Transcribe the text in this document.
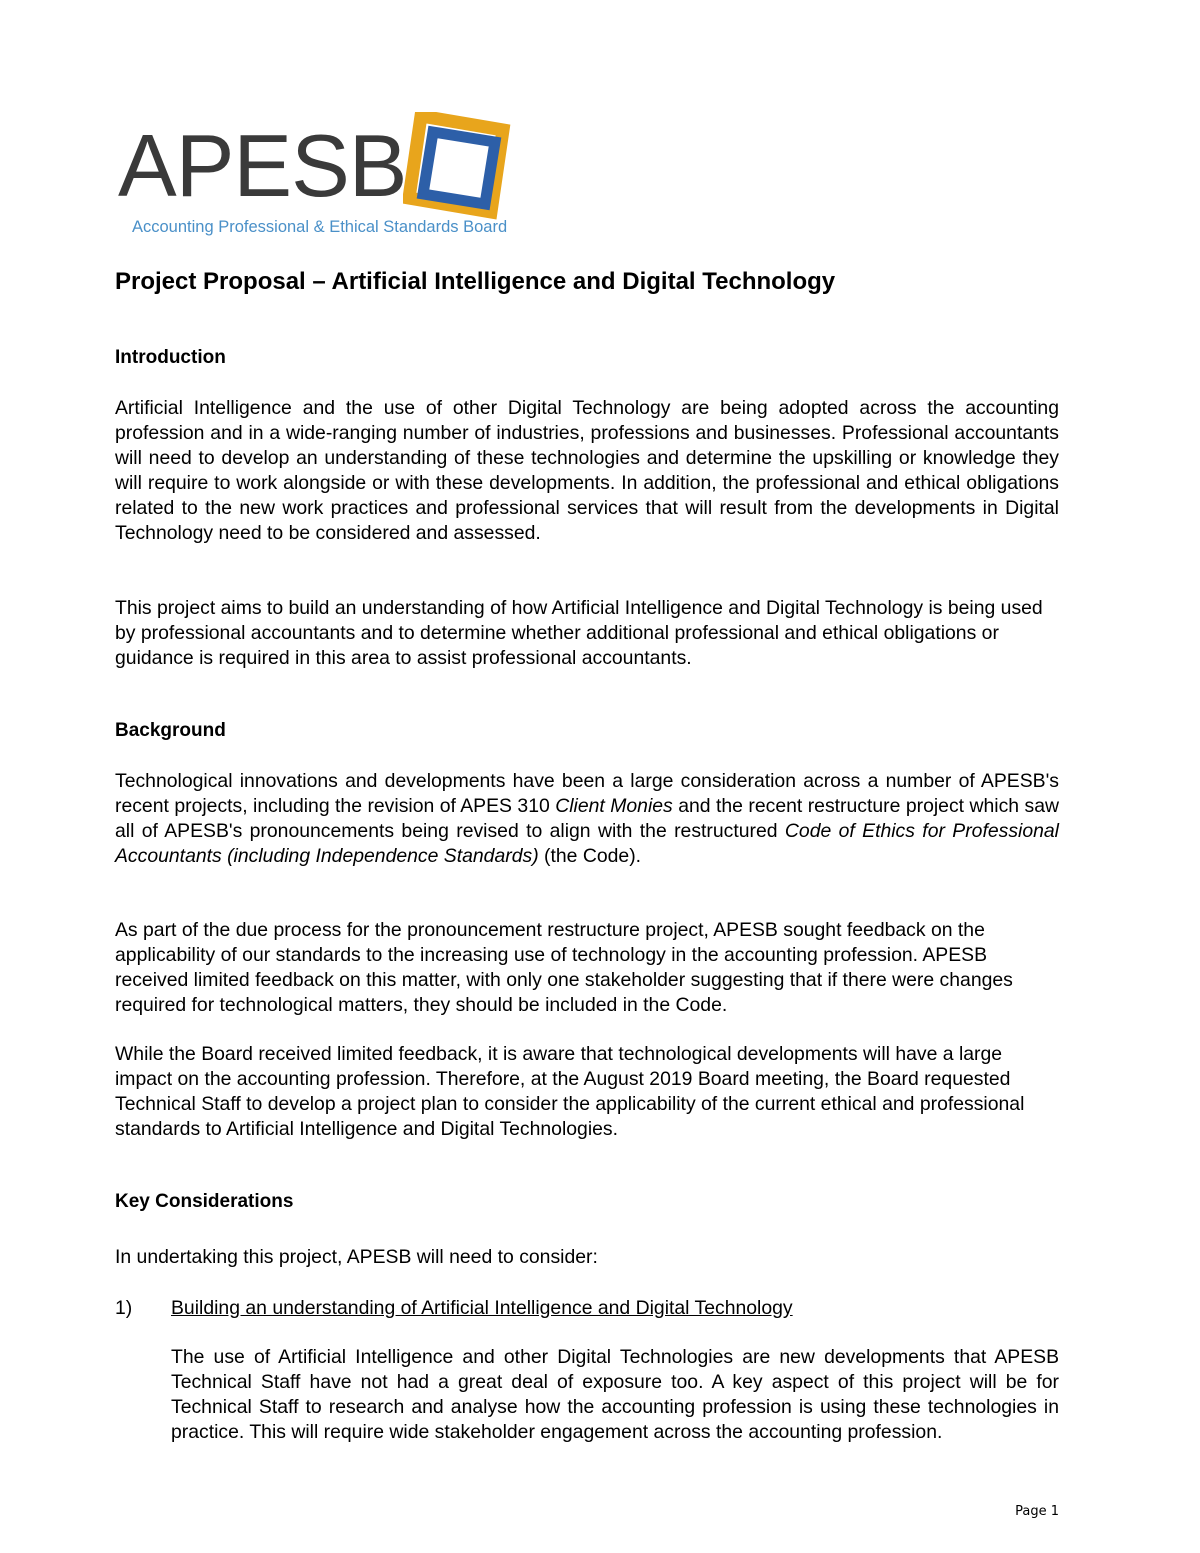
APESB
Accounting Professional & Ethical Standards Board
Project Proposal – Artificial Intelligence and Digital Technology
Introduction

Artificial Intelligence and the use of other Digital Technology are being adopted across the accounting profession and in a wide-ranging number of industries, professions and businesses. Professional accountants will need to develop an understanding of these technologies and determine the upskilling or knowledge they will require to work alongside or with these developments. In addition, the professional and ethical obligations related to the new work practices and professional services that will result from the developments in Digital Technology need to be considered and assessed.

This project aims to build an understanding of how Artificial Intelligence and Digital Technology is being used by professional accountants and to determine whether additional professional and ethical obligations or guidance is required in this area to assist professional accountants.

Background

Technological innovations and developments have been a large consideration across a number of APESB's recent projects, including the revision of APES 310 Client Monies and the recent restructure project which saw all of APESB's pronouncements being revised to align with the restructured Code of Ethics for Professional Accountants (including Independence Standards) (the Code).

As part of the due process for the pronouncement restructure project, APESB sought feedback on the applicability of our standards to the increasing use of technology in the accounting profession. APESB received limited feedback on this matter, with only one stakeholder suggesting that if there were changes required for technological matters, they should be included in the Code.

While the Board received limited feedback, it is aware that technological developments will have a large impact on the accounting profession. Therefore, at the August 2019 Board meeting, the Board requested Technical Staff to develop a project plan to consider the applicability of the current ethical and professional standards to Artificial Intelligence and Digital Technologies.

Key Considerations

In undertaking this project, APESB will need to consider:

1) Building an understanding of Artificial Intelligence and Digital Technology

The use of Artificial Intelligence and other Digital Technologies are new developments that APESB Technical Staff have not had a great deal of exposure too. A key aspect of this project will be for Technical Staff to research and analyse how the accounting profession is using these technologies in practice. This will require wide stakeholder engagement across the accounting profession.

Page 1
